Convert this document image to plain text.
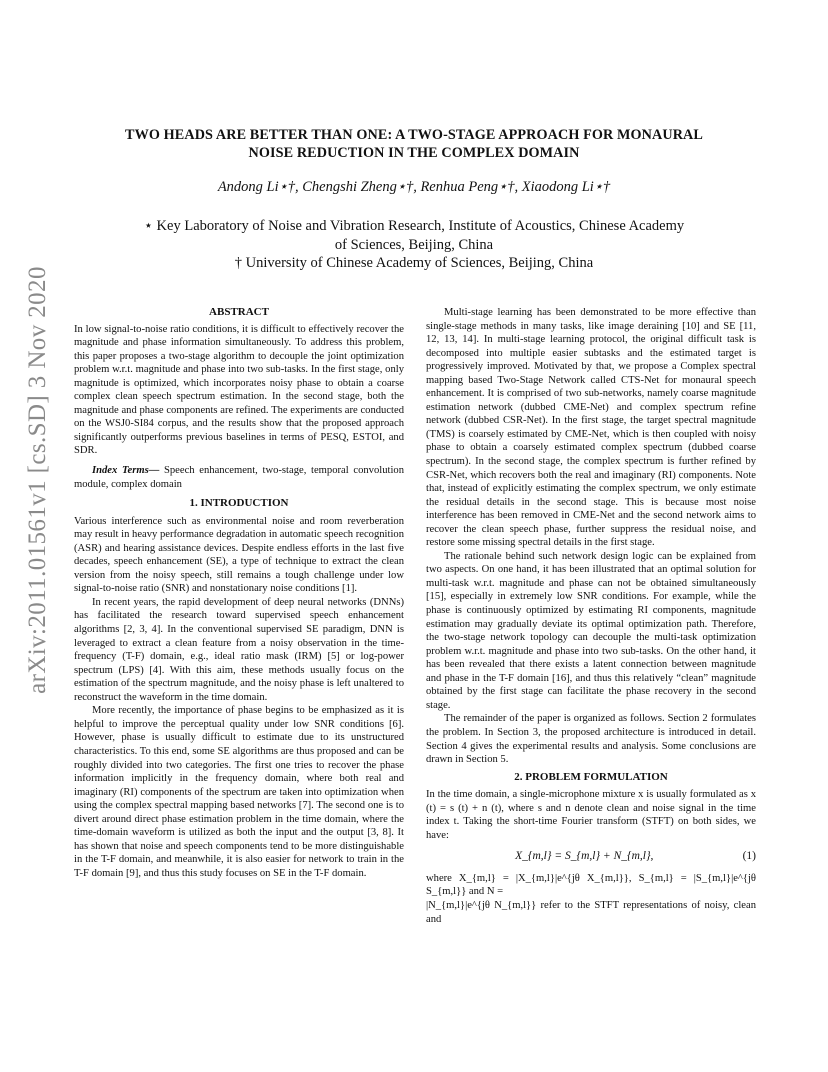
arXiv:2011.01561v1 [cs.SD] 3 Nov 2020
TWO HEADS ARE BETTER THAN ONE: A TWO-STAGE APPROACH FOR MONAURAL
NOISE REDUCTION IN THE COMPLEX DOMAIN
Andong Li⋆†, Chengshi Zheng⋆†, Renhua Peng⋆†, Xiaodong Li⋆†
⋆ Key Laboratory of Noise and Vibration Research, Institute of Acoustics, Chinese Academy
of Sciences, Beijing, China
† University of Chinese Academy of Sciences, Beijing, China
ABSTRACT

In low signal-to-noise ratio conditions, it is difficult to effectively recover the magnitude and phase information simultaneously. To address this problem, this paper proposes a two-stage algorithm to decouple the joint optimization problem w.r.t. magnitude and phase into two sub-tasks. In the first stage, only magnitude is optimized, which incorporates noisy phase to obtain a coarse complex clean speech spectrum estimation. In the second stage, both the magnitude and phase components are refined. The experiments are conducted on the WSJ0-SI84 corpus, and the results show that the proposed approach significantly outperforms previous baselines in terms of PESQ, ESTOI, and SDR.

Index Terms— Speech enhancement, two-stage, temporal convolution module, complex domain

1. INTRODUCTION

Various interference such as environmental noise and room reverberation may result in heavy performance degradation in automatic speech recognition (ASR) and hearing assistance devices. Despite endless efforts in the last five decades, speech enhancement (SE), a type of technique to extract the clean version from the noisy speech, still remains a tough challenge under low signal-to-noise ratio (SNR) and nonstationary noise conditions [1].

In recent years, the rapid development of deep neural networks (DNNs) has facilitated the research toward supervised speech enhancement algorithms [2, 3, 4]. In the conventional supervised SE paradigm, DNN is leveraged to extract a clean feature from a noisy observation in the time-frequency (T-F) domain, e.g., ideal ratio mask (IRM) [5] or log-power spectrum (LPS) [4]. With this aim, these methods usually focus on the estimation of the spectrum magnitude, and the noisy phase is left unaltered to reconstruct the waveform in the time domain.

More recently, the importance of phase begins to be emphasized as it is helpful to improve the perceptual quality under low SNR conditions [6]. However, phase is usually difficult to estimate due to its unstructured characteristics. To this end, some SE algorithms are thus proposed and can be roughly divided into two categories. The first one tries to recover the phase information implicitly in the frequency domain, where both real and imaginary (RI) components of the spectrum are taken into optimization when using the complex spectral mapping based networks [7]. The second one is to divert around direct phase estimation problem in the time domain, where the time-domain waveform is utilized as both the input and the output [3, 8]. It has shown that noise and speech components tend to be more distinguishable in the T-F domain, and meanwhile, it is also easier for network to train in the T-F domain [9], and thus this study focuses on SE in the T-F domain.

Multi-stage learning has been demonstrated to be more effective than single-stage methods in many tasks, like image deraining [10] and SE [11, 12, 13, 14]. In multi-stage learning protocol, the original difficult task is decomposed into multiple easier subtasks and the estimated target is progressively improved. Motivated by that, we propose a Complex spectral mapping based Two-Stage Network called CTS-Net for monaural speech enhancement. It is comprised of two sub-networks, namely coarse magnitude estimation network (dubbed CME-Net) and complex spectrum refine network (dubbed CSR-Net). In the first stage, the target spectral magnitude (TMS) is coarsely estimated by CME-Net, which is then coupled with noisy phase to obtain a coarsely estimated complex spectrum (dubbed coarse spectrum). In the second stage, the complex spectrum is further refined by CSR-Net, which recovers both the real and imaginary (RI) components. Note that, instead of explicitly estimating the complex spectrum, we only estimate the residual details in the second stage. This is because most noise interference has been removed in CME-Net and the second network aims to recover the clean speech phase, further suppress the residual noise, and restore some missing spectral details in the first stage.

The rationale behind such network design logic can be explained from two aspects. On one hand, it has been illustrated that an optimal solution for multi-task w.r.t. magnitude and phase can not be obtained simultaneously [15], especially in extremely low SNR conditions. For example, while the phase is continuously optimized by estimating RI components, magnitude estimation may gradually deviate its optimal optimization path. Therefore, the two-stage network topology can decouple the multi-task optimization problem w.r.t. magnitude and phase into two sub-tasks. On the other hand, it has been revealed that there exists a latent connection between magnitude and phase in the T-F domain [16], and thus this relatively “clean” magnitude obtained by the first stage can facilitate the phase recovery in the second stage.

The remainder of the paper is organized as follows. Section 2 formulates the problem. In Section 3, the proposed architecture is introduced in detail. Section 4 gives the experimental results and analysis. Some conclusions are drawn in Section 5.

2. PROBLEM FORMULATION

In the time domain, a single-microphone mixture x is usually formulated as x (t) = s (t) + n (t), where s and n denote clean and noise signal in the time index t. Taking the short-time Fourier transform (STFT) on both sides, we have:

X_{m,l} = S_{m,l} + N_{m,l},	(1)

where X_{m,l} = |X_{m,l}|e^{jθ X_{m,l}}, S_{m,l} = |S_{m,l}|e^{jθ S_{m,l}} and N =

|N_{m,l}|e^{jθ N_{m,l}} refer to the STFT representations of noisy, clean and
